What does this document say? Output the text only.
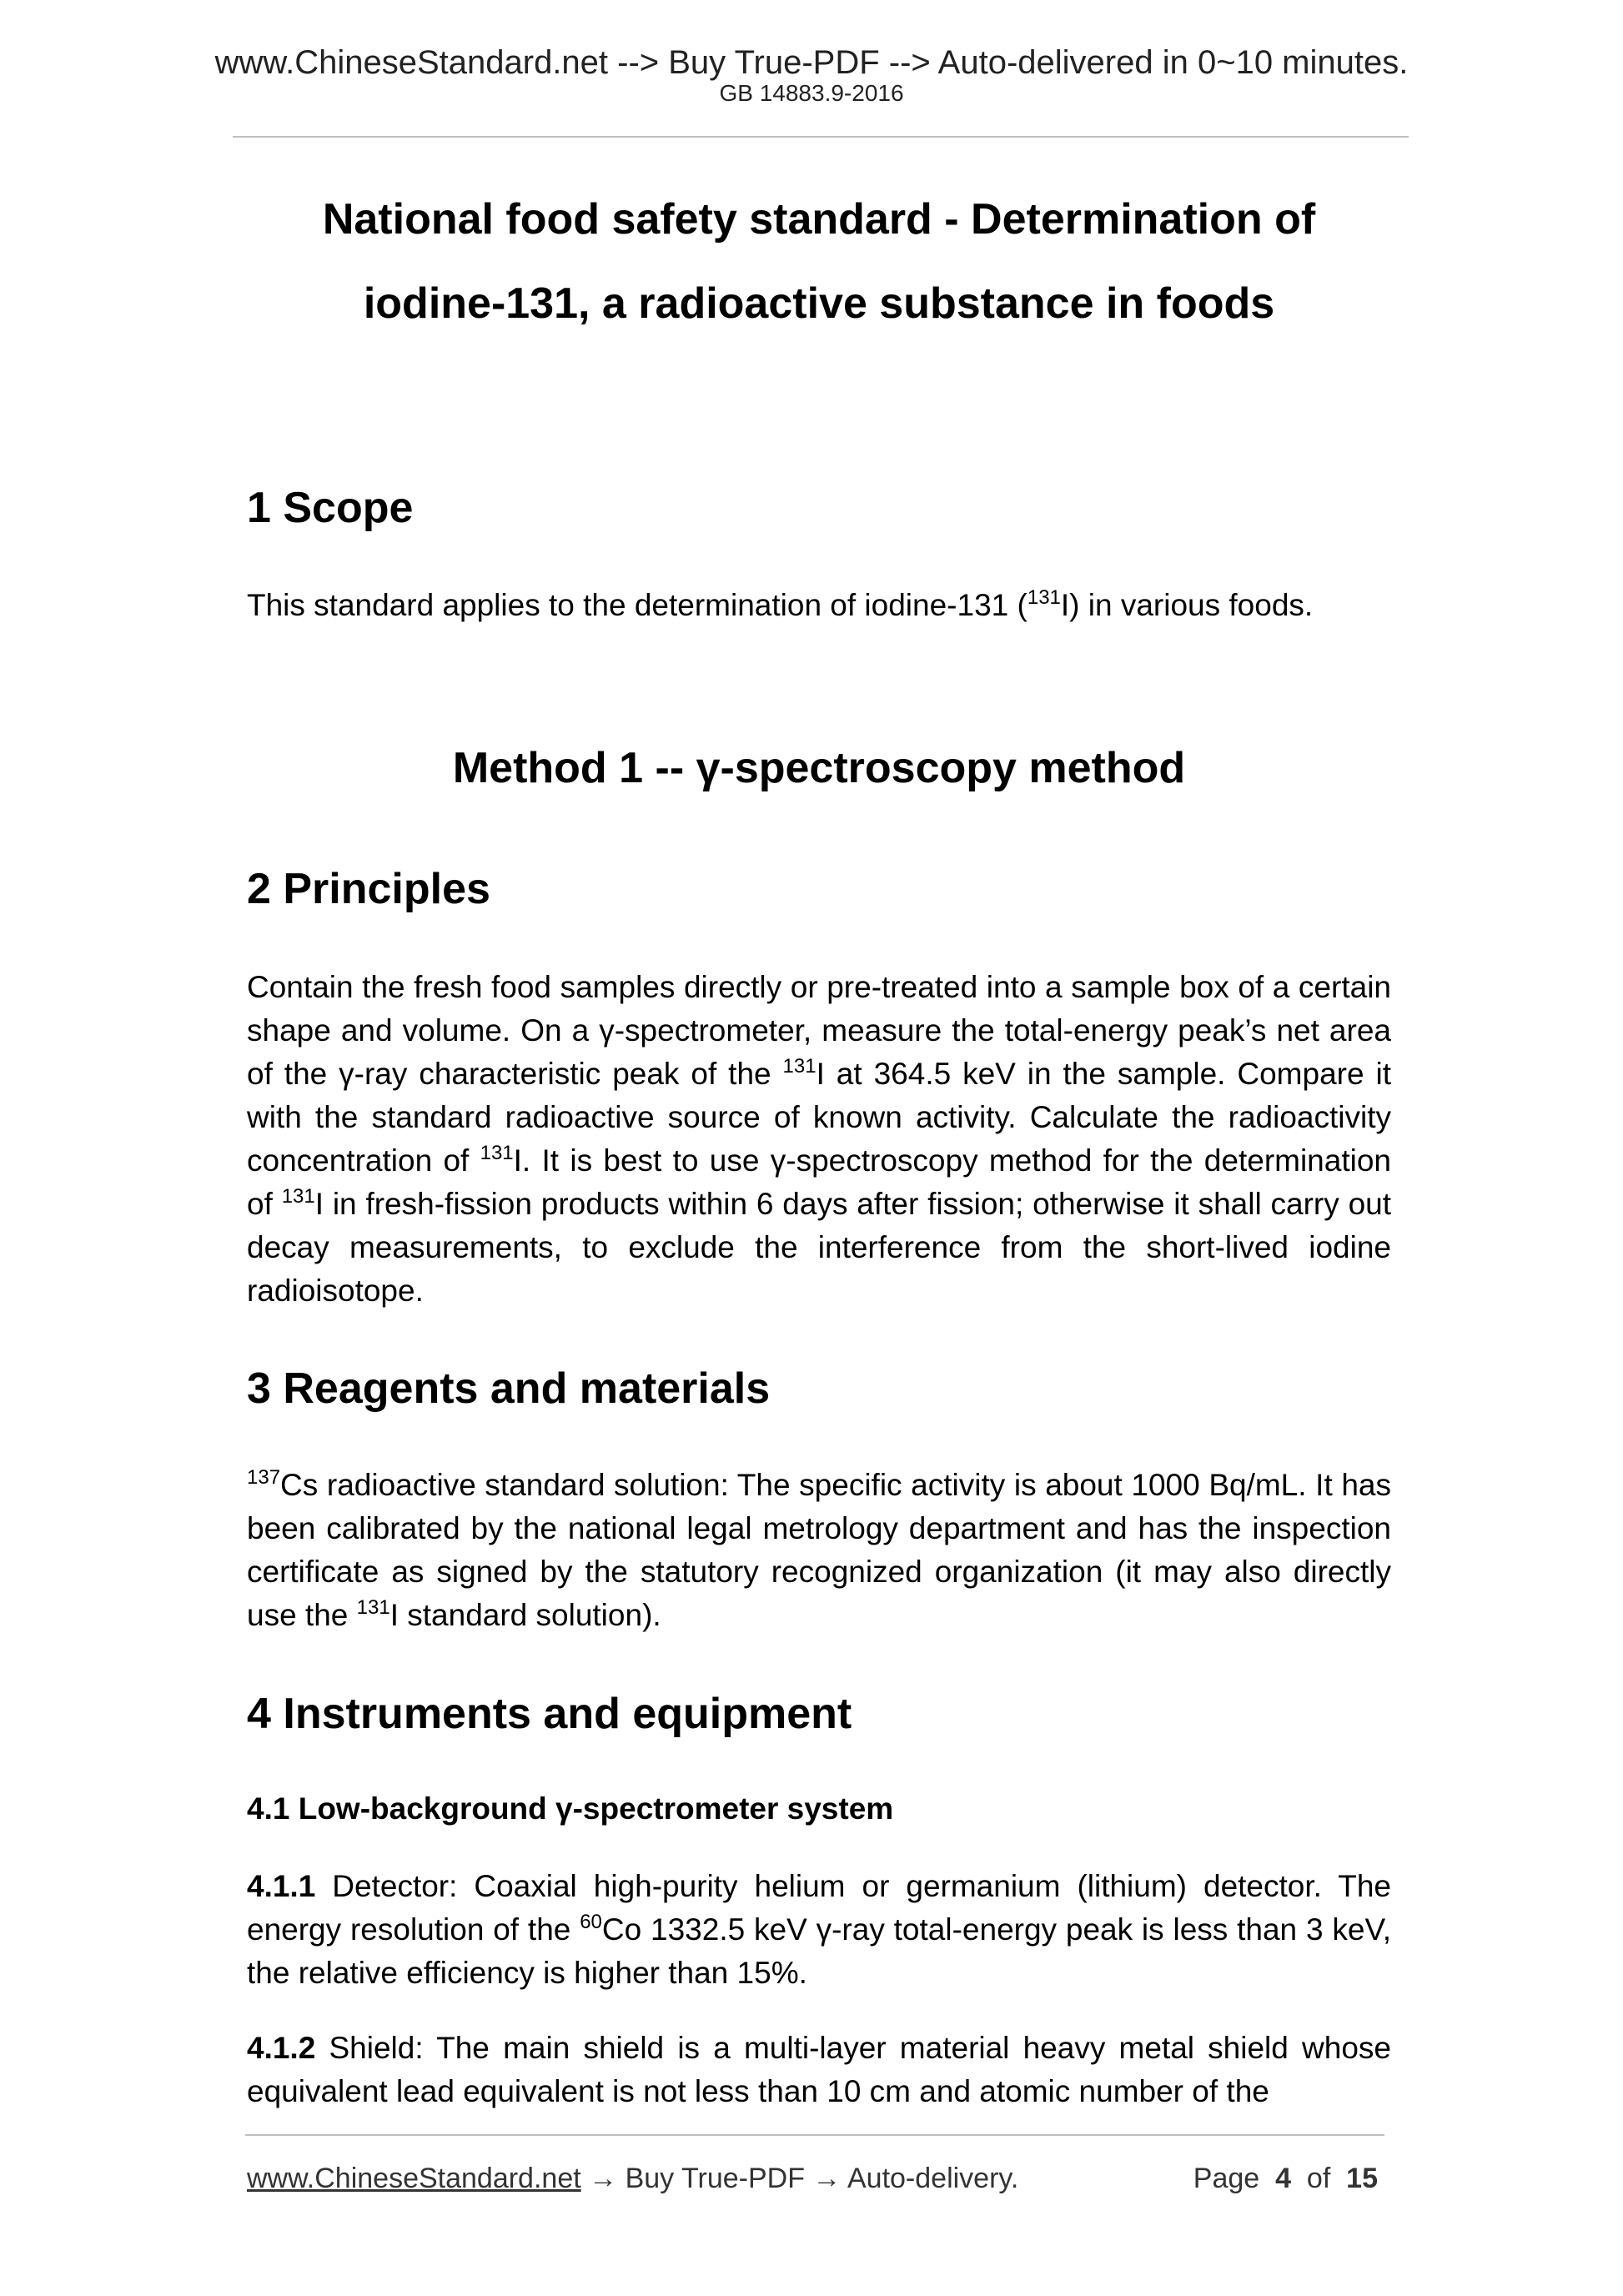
www.ChineseStandard.net --> Buy True-PDF --> Auto-delivered in 0~10 minutes.
GB 14883.9-2016
National food safety standard - Determination of
iodine-131, a radioactive substance in foods
1 Scope

This standard applies to the determination of iodine-131 ($^{131}$I) in various foods.

Method 1 -- γ-spectroscopy method
2 Principles

Contain the fresh food samples directly or pre-treated into a sample box of a certain shape and volume. On a γ-spectrometer, measure the total-energy peak’s net area of the γ-ray characteristic peak of the $^{131}$I at 364.5 keV in the sample. Compare it with the standard radioactive source of known activity. Calculate the radioactivity concentration of $^{131}$I. It is best to use γ-spectroscopy method for the determination of $^{131}$I in fresh-fission products within 6 days after fission; otherwise it shall carry out decay measurements, to exclude the interference from the short-lived iodine radioisotope.

3 Reagents and materials

$^{137}$Cs radioactive standard solution: The specific activity is about 1000 Bq/mL. It has been calibrated by the national legal metrology department and has the inspection certificate as signed by the statutory recognized organization (it may also directly use the $^{131}$I standard solution).

4 Instruments and equipment
4.1 Low-background γ-spectrometer system

4.1.1 Detector: Coaxial high-purity helium or germanium (lithium) detector. The energy resolution of the $^{60}$Co 1332.5 keV γ-ray total-energy peak is less than 3 keV, the relative efficiency is higher than 15%.

4.1.2 Shield: The main shield is a multi-layer material heavy metal shield whose equivalent lead equivalent is not less than 10 cm and atomic number of the

www.ChineseStandard.net → Buy True-PDF → Auto-delivery.	Page 4 of 15
